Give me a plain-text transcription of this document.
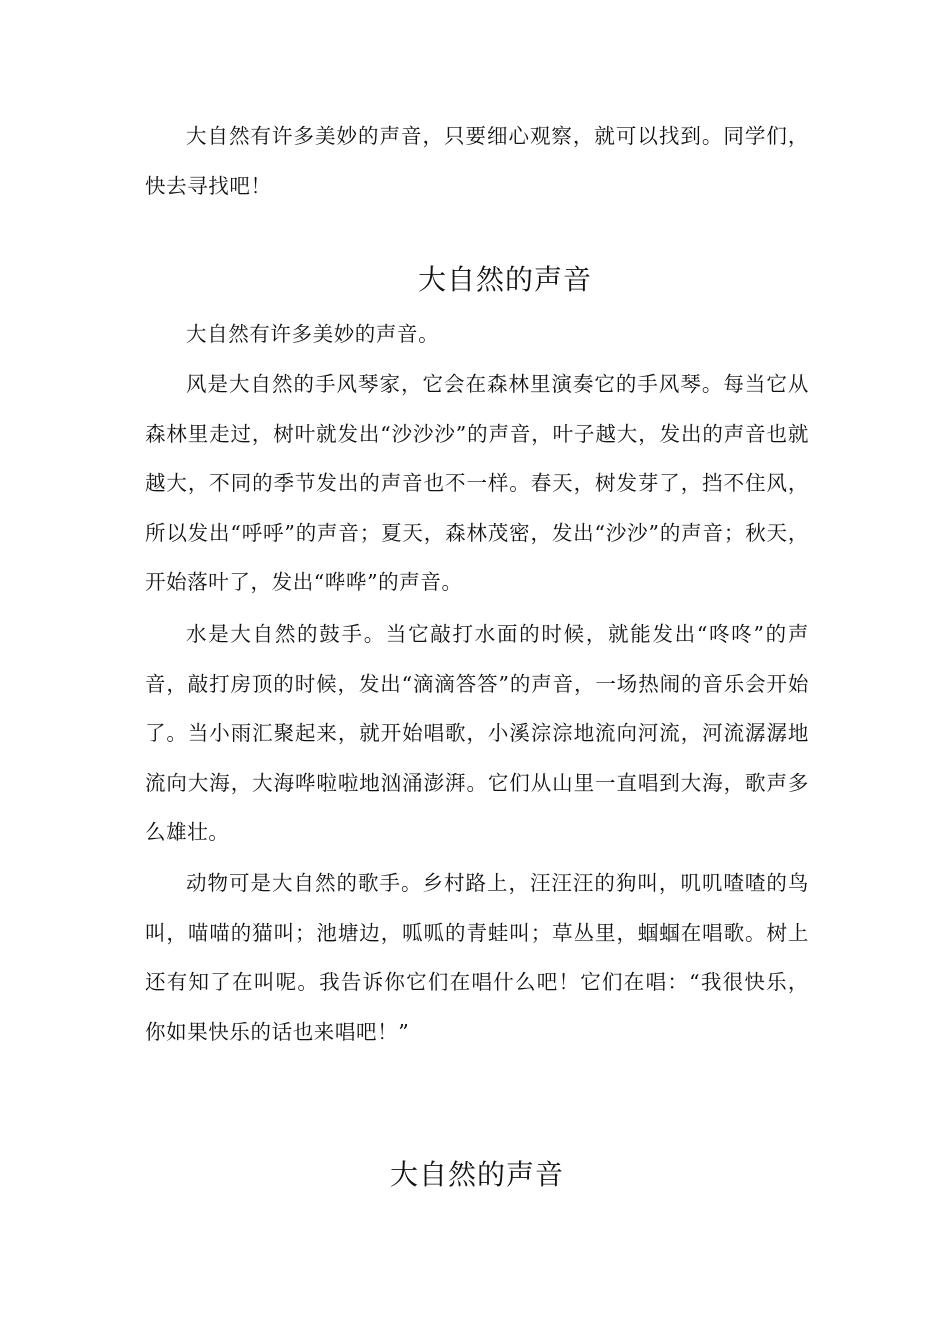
大自然有许多美妙的声音，只要细心观察，就可以找到。同学们，快去寻找吧！

大自然的声音

大自然有许多美妙的声音。

风是大自然的手风琴家，它会在森林里演奏它的手风琴。每当它从森林里走过，树叶就发出“沙沙沙”的声音，叶子越大，发出的声音也就越大，不同的季节发出的声音也不一样。春天，树发芽了，挡不住风，所以发出“呼呼”的声音；夏天，森林茂密，发出“沙沙”的声音；秋天，开始落叶了，发出“哗哗”的声音。

水是大自然的鼓手。当它敲打水面的时候，就能发出“咚咚”的声音，敲打房顶的时候，发出“滴滴答答”的声音，一场热闹的音乐会开始了。当小雨汇聚起来，就开始唱歌，小溪淙淙地流向河流，河流潺潺地流向大海，大海哗啦啦地汹涌澎湃。它们从山里一直唱到大海，歌声多么雄壮。

动物可是大自然的歌手。乡村路上，汪汪汪的狗叫，叽叽喳喳的鸟叫，喵喵的猫叫；池塘边，呱呱的青蛙叫；草丛里，蝈蝈在唱歌。树上还有知了在叫呢。我告诉你它们在唱什么吧！它们在唱：“我很快乐，你如果快乐的话也来唱吧！”

大自然的声音
